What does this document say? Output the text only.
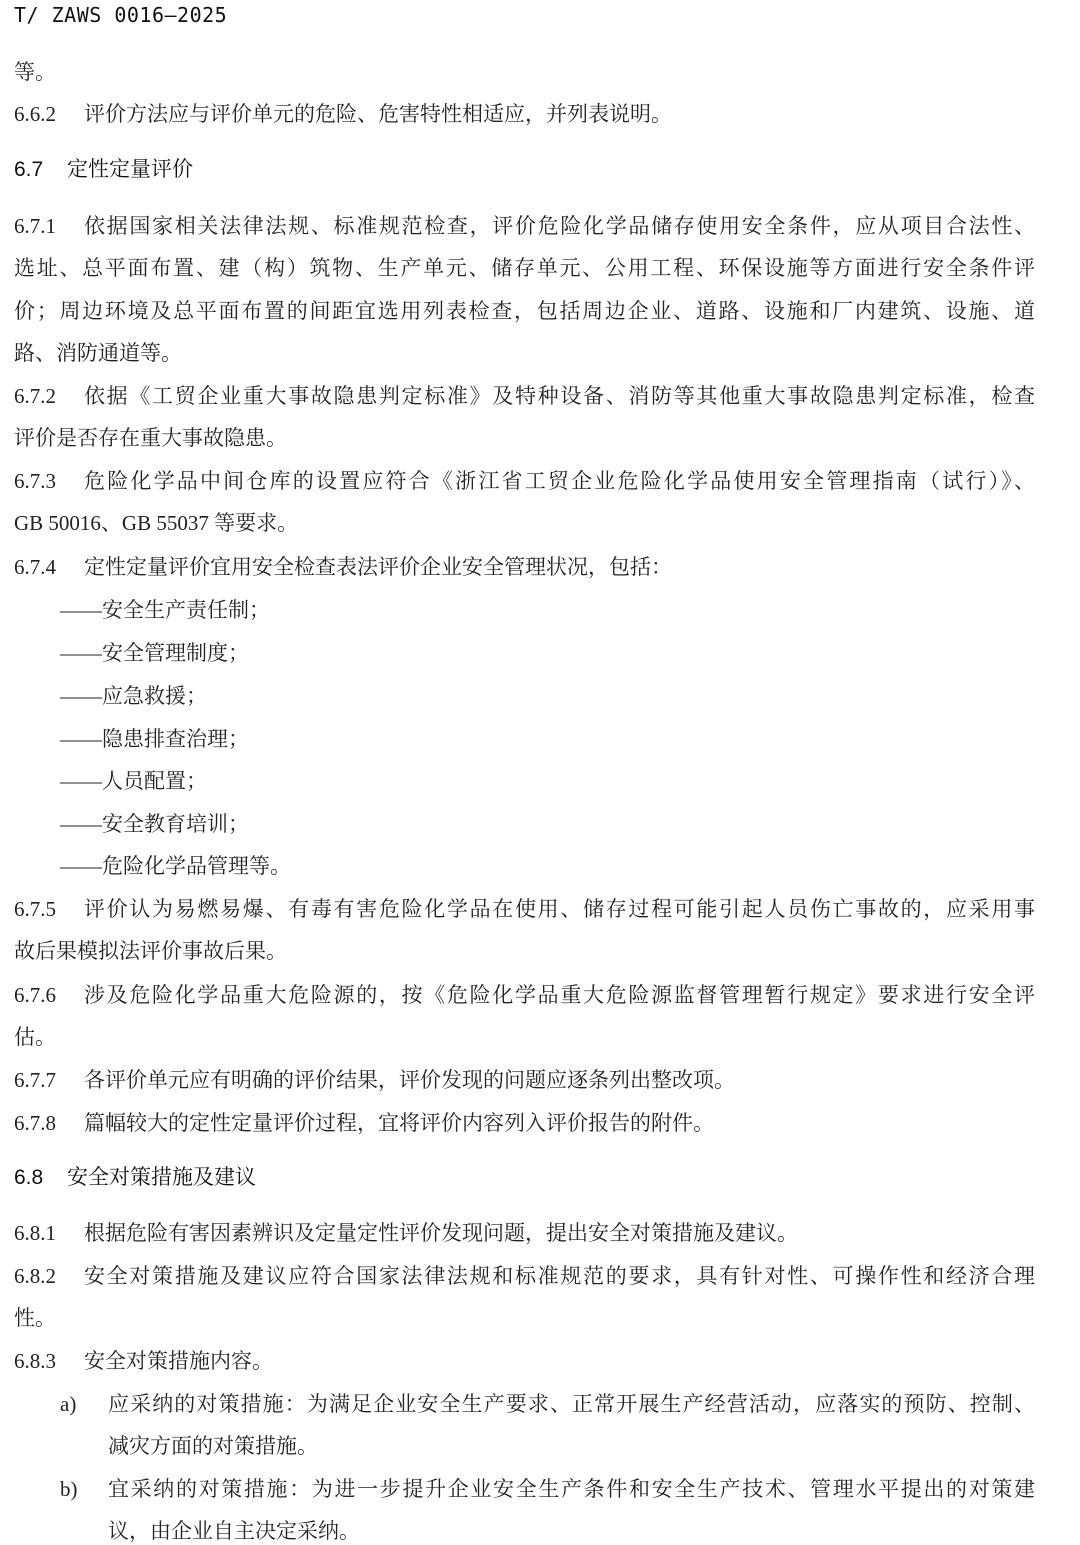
T/ ZAWS 0016—2025
等。
6.6.2 评价方法应与评价单元的危险、危害特性相适应，并列表说明。
6.7 定性定量评价
6.7.1 依据国家相关法律法规、标准规范检查，评价危险化学品储存使用安全条件，应从项目合法性、
选址、总平面布置、建（构）筑物、生产单元、储存单元、公用工程、环保设施等方面进行安全条件评
价；周边环境及总平面布置的间距宜选用列表检查，包括周边企业、道路、设施和厂内建筑、设施、道
路、消防通道等。
6.7.2 依据《工贸企业重大事故隐患判定标准》及特种设备、消防等其他重大事故隐患判定标准，检查
评价是否存在重大事故隐患。
6.7.3 危险化学品中间仓库的设置应符合《浙江省工贸企业危险化学品使用安全管理指南（试行）》、
GB 50016、GB 55037 等要求。
6.7.4 定性定量评价宜用安全检查表法评价企业安全管理状况，包括：
——安全生产责任制；
——安全管理制度；
——应急救援；
——隐患排查治理；
——人员配置；
——安全教育培训；
——危险化学品管理等。
6.7.5 评价认为易燃易爆、有毒有害危险化学品在使用、储存过程可能引起人员伤亡事故的，应采用事
故后果模拟法评价事故后果。
6.7.6 涉及危险化学品重大危险源的，按《危险化学品重大危险源监督管理暂行规定》要求进行安全评
估。
6.7.7 各评价单元应有明确的评价结果，评价发现的问题应逐条列出整改项。
6.7.8 篇幅较大的定性定量评价过程，宜将评价内容列入评价报告的附件。
6.8 安全对策措施及建议
6.8.1 根据危险有害因素辨识及定量定性评价发现问题，提出安全对策措施及建议。
6.8.2 安全对策措施及建议应符合国家法律法规和标准规范的要求，具有针对性、可操作性和经济合理
性。
6.8.3 安全对策措施内容。
a) 应采纳的对策措施：为满足企业安全生产要求、正常开展生产经营活动，应落实的预防、控制、
减灾方面的对策措施。
b) 宜采纳的对策措施：为进一步提升企业安全生产条件和安全生产技术、管理水平提出的对策建
议，由企业自主决定采纳。
